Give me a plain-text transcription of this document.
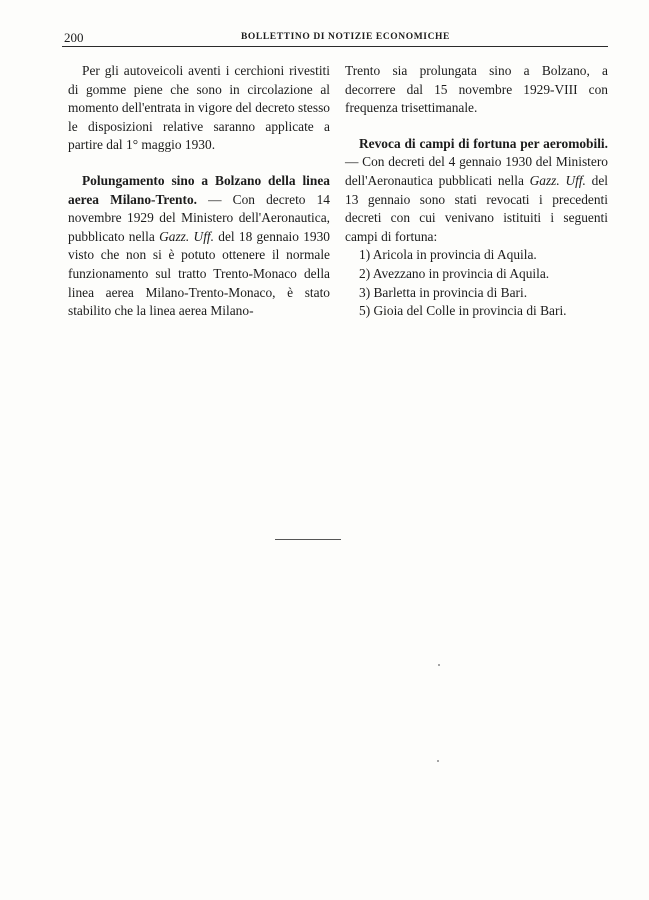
200	BOLLETTINO DI NOTIZIE ECONOMICHE

Per gli autoveicoli aventi i cerchioni rivestiti di gomme piene che sono in circolazione al momento dell'entrata in vigore del decreto stesso le disposizioni relative saranno applicate a partire dal 1° maggio 1930.

Polungamento sino a Bolzano della linea aerea Milano-Trento. — Con decreto 14 novembre 1929 del Ministero dell'Aeronautica, pubblicato nella Gazz. Uff. del 18 gennaio 1930 visto che non si è potuto ottenere il normale funzionamento sul tratto Trento-Monaco della linea aerea Milano-Trento-Monaco, è stato stabilito che la linea aerea Milano-

Trento sia prolungata sino a Bolzano, a decorrere dal 15 novembre 1929-VIII con frequenza trisettimanale.

Revoca di campi di fortuna per aeromobili. — Con decreti del 4 gennaio 1930 del Ministero dell'Aeronautica pubblicati nella Gazz. Uff. del 13 gennaio sono stati revocati i precedenti decreti con cui venivano istituiti i seguenti campi di fortuna:

1) Aricola in provincia di Aquila.
2) Avezzano in provincia di Aquila.
3) Barletta in provincia di Bari.
5) Gioia del Colle in provincia di Bari.
